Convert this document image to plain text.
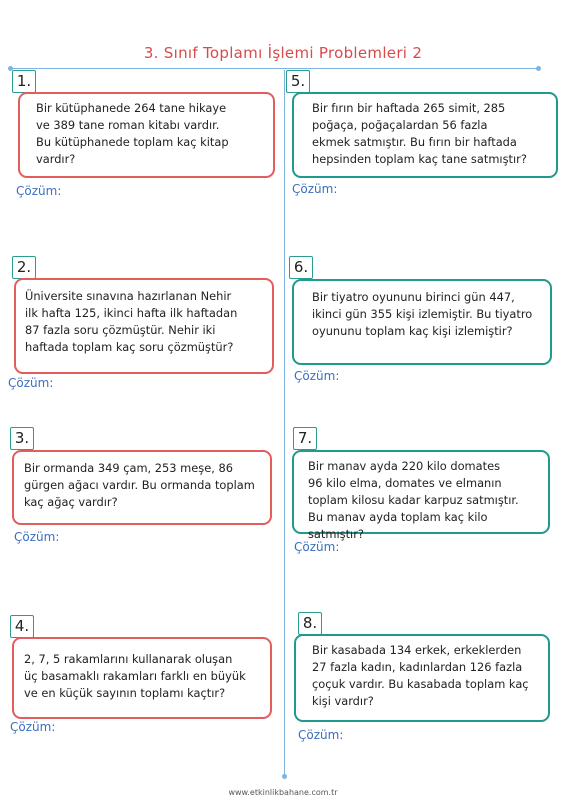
3. Sınıf Toplamı İşlemi Problemleri 2
1.

Bir kütüphanede 264 tane hikaye
ve 389 tane roman kitabı vardır.
Bu kütüphanede toplam kaç kitap
vardır?

Çözüm:
2.

Üniversite sınavına hazırlanan Nehir
ilk hafta 125, ikinci hafta ilk haftadan
87 fazla soru çözmüştür. Nehir iki
haftada toplam kaç soru çözmüştür?

Çözüm:
3.

Bir ormanda 349 çam, 253 meşe, 86
gürgen ağacı vardır. Bu ormanda toplam
kaç ağaç vardır?

Çözüm:
4.

2, 7, 5 rakamlarını kullanarak oluşan
üç basamaklı rakamları farklı en büyük
ve en küçük sayının toplamı kaçtır?

Çözüm:
5.

Bir fırın bir haftada 265 simit, 285
poğaça, poğaçalardan 56 fazla
ekmek satmıştır. Bu fırın bir haftada
hepsinden toplam kaç tane satmıştır?

Çözüm:
6.

Bir tiyatro oyununu birinci gün 447,
ikinci gün 355 kişi izlemiştir. Bu tiyatro
oyununu toplam kaç kişi izlemiştir?

Çözüm:
7.

Bir manav ayda 220 kilo domates
96 kilo elma, domates ve elmanın
toplam kilosu kadar karpuz satmıştır.
Bu manav ayda toplam kaç kilo satmıştır?

Çözüm:
8.

Bir kasabada 134 erkek, erkeklerden
27 fazla kadın, kadınlardan 126 fazla
çoçuk vardır. Bu kasabada toplam kaç
kişi vardır?

Çözüm:
www.etkinlikbahane.com.tr
